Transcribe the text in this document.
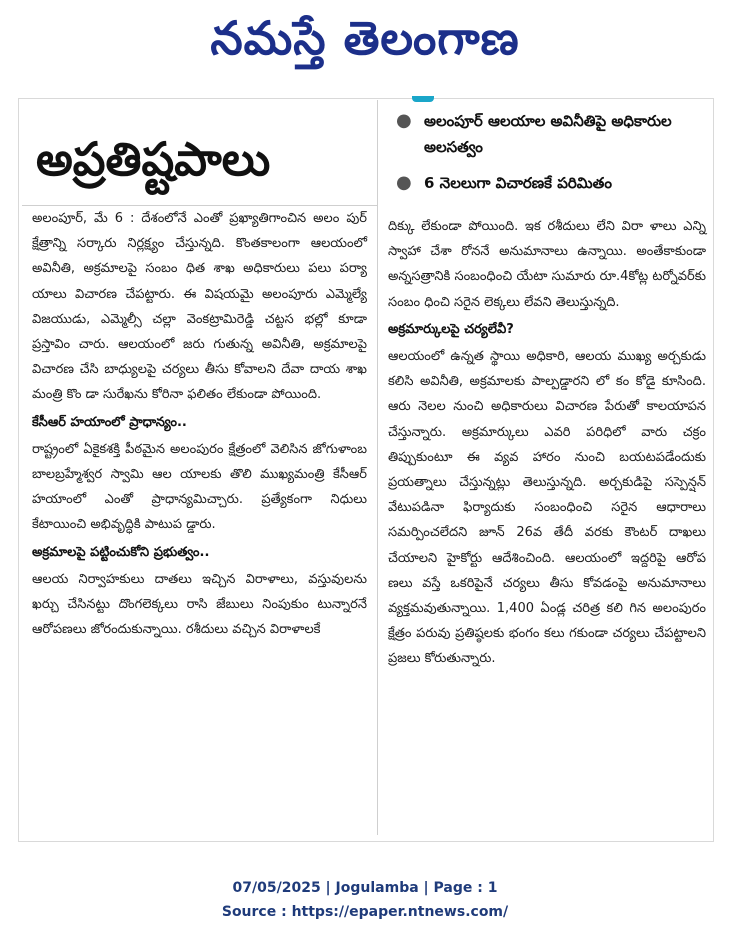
నమస్తే తెలంగాణ
అప్రతిష్టపాలు
● అలంపూర్ ఆలయాల అవినీతిపై అధికారుల అలసత్వం
● 6 నెలలుగా విచారణకే పరిమితం

అలంపూర్, మే 6 : దేశంలోనే ఎంతో ప్రఖ్యాతిగాంచిన అలం పుర్ క్షేత్రాన్ని సర్కారు నిర్లక్ష్యం చేస్తున్నది. కొంతకాలంగా ఆలయంలో అవినీతి, అక్రమాలపై సంబం ధిత శాఖ అధికారులు పలు పర్యా యాలు విచారణ చేపట్టారు. ఈ విషయమై అలంపూరు ఎమ్మెల్యే విజయుడు, ఎమ్మెల్సీ చల్లా వెంకట్రామిరెడ్డి చట్టస భల్లో కూడా ప్రస్తావిం చారు. ఆలయంలో జరు గుతున్న అవినీతి, అక్రమాలపై విచారణ చేసి బాధ్యులపై చర్యలు తీసు కోవాలని దేవా దాయ శాఖ మంత్రి కొం డా సురేఖను కోరినా ఫలితం లేకుండా పోయింది.

కేసీఆర్ హయాంలో ప్రాధాన్యం..

రాష్ట్రంలో ఏకైకశక్తి పీఠమైన అలంపురం క్షేత్రంలో వెలిసిన జోగుళాంబ బాలబ్రహ్మేశ్వర స్వామి ఆల యాలకు తొలి ముఖ్యమంత్రి కేసీఆర్ హయాంలో ఎంతో ప్రాధాన్యమిచ్చారు. ప్రత్యేకంగా నిధులు కేటాయించి అభివృద్ధికి పాటుప డ్డారు.

అక్రమాలపై పట్టించుకోని ప్రభుత్వం..

ఆలయ నిర్వాహకులు దాతలు ఇచ్చిన విరాళాలు, వస్తువులను ఖర్చు చేసినట్టు దొంగలెక్కలు రాసి జేబులు నింపుకుం టున్నారనే ఆరోపణలు జోరందుకున్నాయి. రశీదులు వచ్చిన విరాళాలకే

దిక్కు లేకుండా పోయింది. ఇక రశీదులు లేని విరా ళాలు ఎన్ని స్వాహా చేశా రోననే అనుమానాలు ఉన్నాయి. అంతేకాకుండా అన్నసత్రానికి సంబంధించి యేటా సుమారు రూ.4కోట్ల టర్నోవర్‌కు సంబం ధించి సరైన లెక్కలు లేవని తెలుస్తున్నది.

అక్రమార్కులపై చర్యలేవీ?

ఆలయంలో ఉన్నత స్థాయి అధికారి, ఆలయ ముఖ్య అర్చకుడు కలిసి అవినీతి, అక్రమాలకు పాల్పడ్డారని లో కం కోడై కూసింది. ఆరు నెలల నుంచి అధికారులు విచారణ పేరుతో కాలయాపన చేస్తున్నారు. అక్రమార్కులు ఎవరి పరిధిలో వారు చక్రం తిప్పుకుంటూ ఈ వ్యవ హారం నుంచి బయటపడేందుకు ప్రయత్నాలు చేస్తున్నట్లు తెలుస్తున్నది. అర్చకుడిపై సస్పెన్షన్ వేటుపడినా ఫిర్యాదుకు సంబంధించి సరైన ఆధారాలు సమర్పించలేదని జూన్ 26వ తేదీ వరకు కౌంటర్ దాఖలు చేయాలని హైకోర్టు ఆదేశించింది. ఆలయంలో ఇద్దరిపై ఆరోప ణలు వస్తే ఒకరిపైనే చర్యలు తీసు కోవడంపై అనుమానాలు వ్యక్తమవుతున్నాయి. 1,400 ఏండ్ల చరిత్ర కలి గిన అలంపురం క్షేత్రం పరువు ప్రతిష్ఠలకు భంగం కలు గకుండా చర్యలు చేపట్టాలని ప్రజలు కోరుతున్నారు.

07/05/2025 | Jogulamba | Page : 1
Source : https://epaper.ntnews.com/
